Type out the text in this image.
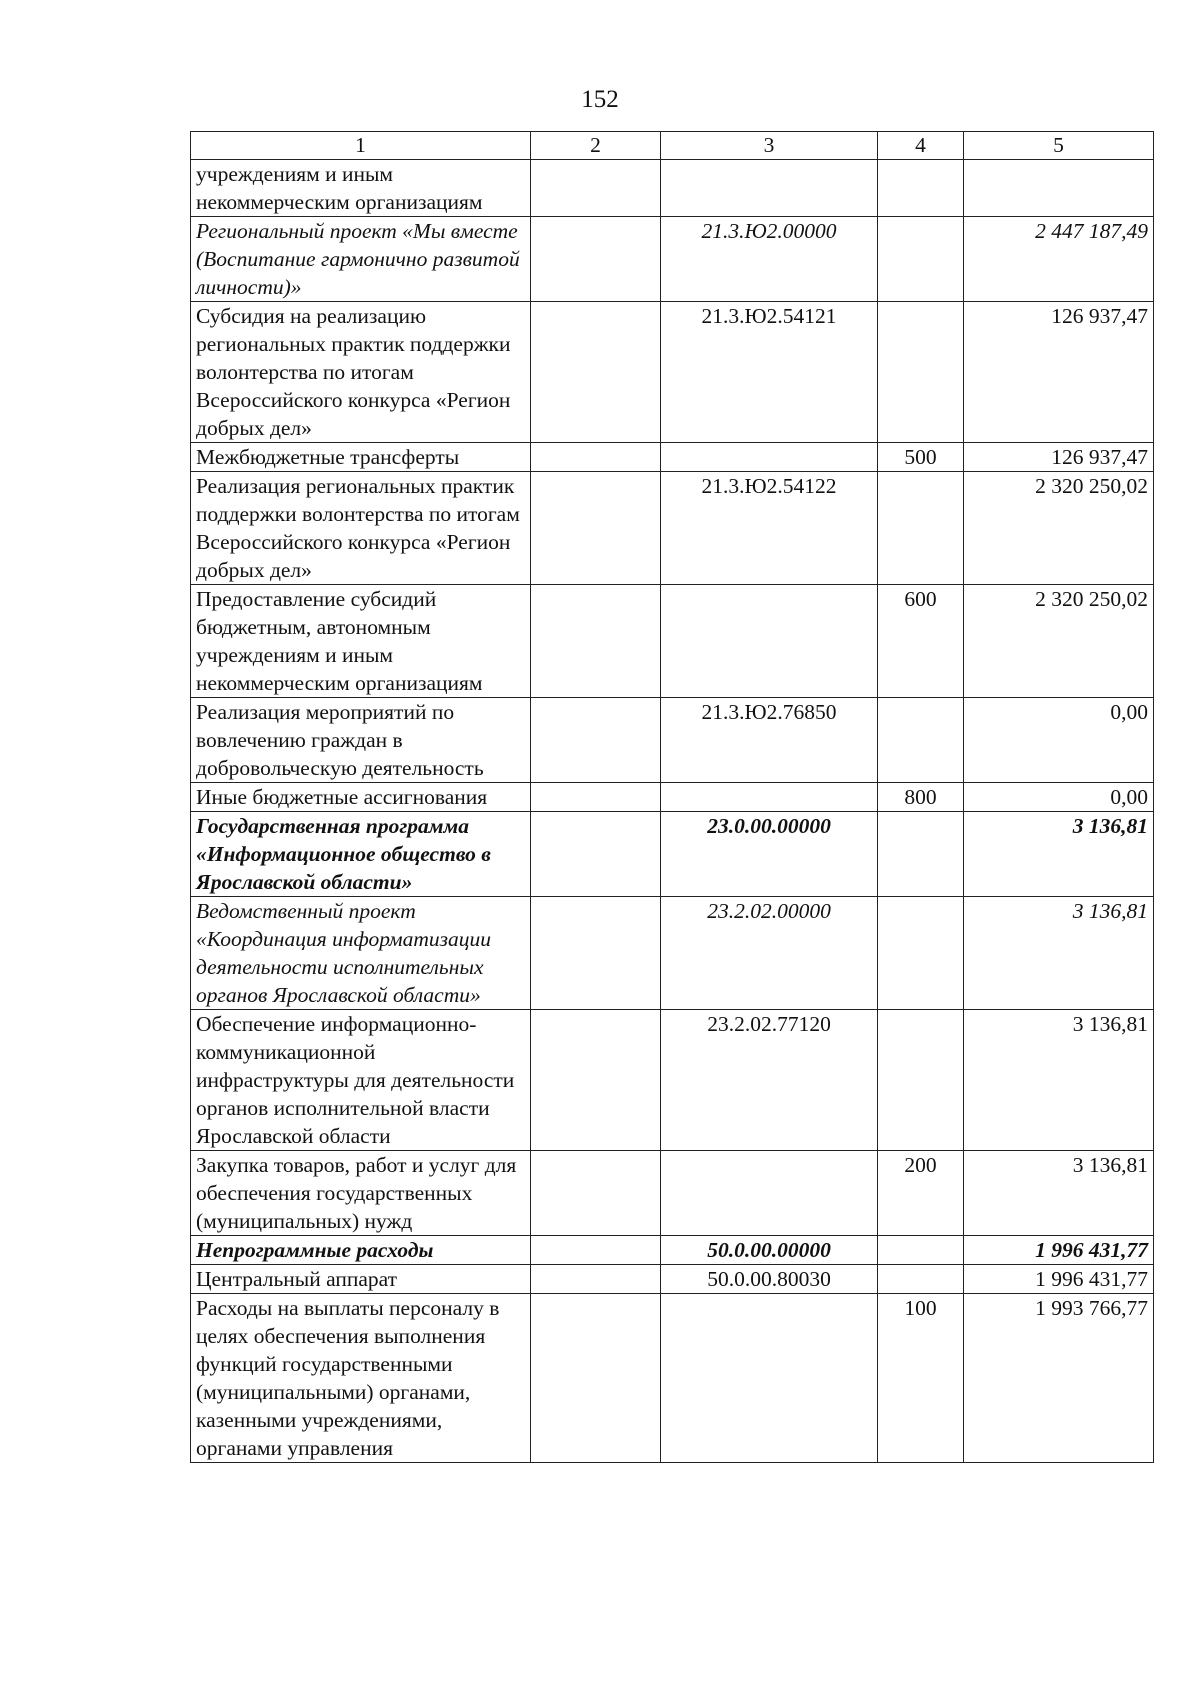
152
1	2	3	4	5
учреждениям и иным некоммерческим организациям				
Региональный проект «Мы вместе (Воспитание гармонично развитой личности)»		21.3.Ю2.00000		2 447 187,49
Субсидия на реализацию региональных практик поддержки волонтерства по итогам Всероссийского конкурса «Регион добрых дел»		21.3.Ю2.54121		126 937,47
Межбюджетные трансферты			500	126 937,47
Реализация региональных практик поддержки волонтерства по итогам Всероссийского конкурса «Регион добрых дел»		21.3.Ю2.54122		2 320 250,02
Предоставление субсидий бюджетным, автономным учреждениям и иным некоммерческим организациям			600	2 320 250,02
Реализация мероприятий по вовлечению граждан в добровольческую деятельность		21.3.Ю2.76850		0,00
Иные бюджетные ассигнования			800	0,00
Государственная программа «Информационное общество в Ярославской области»		23.0.00.00000		3 136,81
Ведомственный проект «Координация информатизации деятельности исполнительных органов Ярославской области»		23.2.02.00000		3 136,81
Обеспечение информационно-коммуникационной инфраструктуры для деятельности органов исполнительной власти Ярославской области		23.2.02.77120		3 136,81
Закупка товаров, работ и услуг для обеспечения государственных (муниципальных) нужд			200	3 136,81
Непрограммные расходы		50.0.00.00000		1 996 431,77
Центральный аппарат		50.0.00.80030		1 996 431,77
Расходы на выплаты персоналу в целях обеспечения выполнения функций государственными (муниципальными) органами, казенными учреждениями, органами управления			100	1 993 766,77
